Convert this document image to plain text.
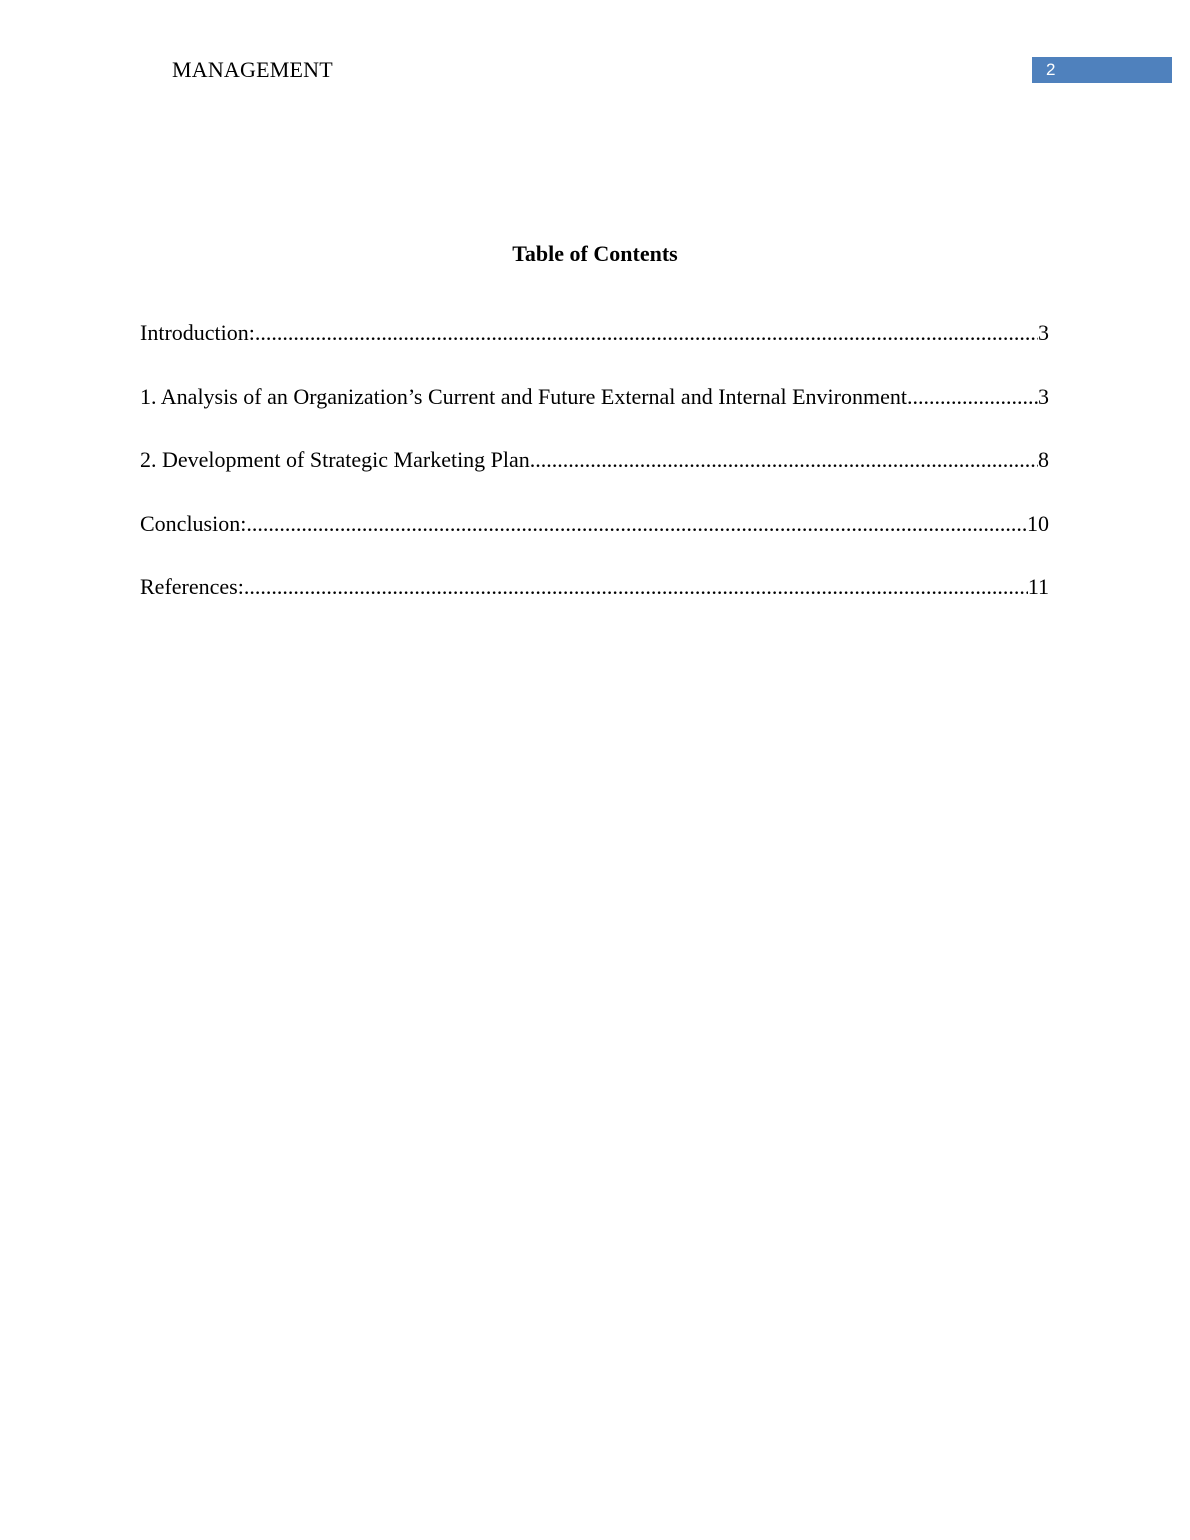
MANAGEMENT	2
Table of Contents
Introduction: .....	3
1. Analysis of an Organization’s Current and Future External and Internal Environment .....	3
2. Development of Strategic Marketing Plan .....	8
Conclusion: .....	10
References: .....	11
